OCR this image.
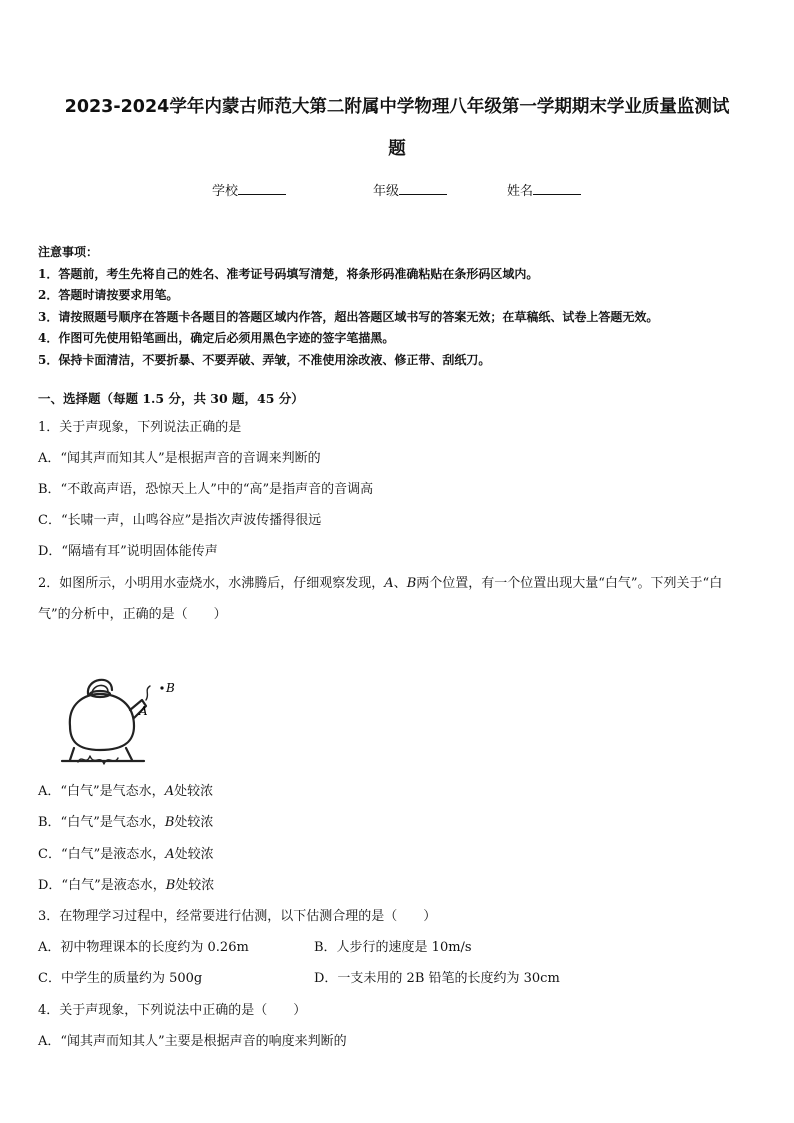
2023-2024学年内蒙古师范大第二附属中学物理八年级第一学期期末学业质量监测试
题
学校	年级	姓名
注意事项：
1．答题前，考生先将自己的姓名、准考证号码填写清楚，将条形码准确粘贴在条形码区域内。
2．答题时请按要求用笔。
3．请按照题号顺序在答题卡各题目的答题区域内作答，超出答题区域书写的答案无效；在草稿纸、试卷上答题无效。
4．作图可先使用铅笔画出，确定后必须用黑色字迹的签字笔描黑。
5．保持卡面清洁，不要折暴、不要弄破、弄皱，不准使用涂改液、修正带、刮纸刀。
一、选择题（每题 1.5 分，共 30 题，45 分）
1．关于声现象，下列说法正确的是
A．“闻其声而知其人”是根据声音的音调来判断的
B．“不敢高声语，恐惊天上人”中的“高”是指声音的音调高
C．“长啸一声，山鸣谷应”是指次声波传播得很远
D．“隔墙有耳”说明固体能传声
2．如图所示，小明用水壶烧水，水沸腾后，仔细观察发现，A、B两个位置，有一个位置出现大量“白气”。下列关于“白
气”的分析中，正确的是（　　）
B
A
A．“白气”是气态水，A处较浓
B．“白气”是气态水，B处较浓
C．“白气”是液态水，A处较浓
D．“白气”是液态水，B处较浓
3．在物理学习过程中，经常要进行估测，以下估测合理的是（　　）
A．初中物理课本的长度约为 0.26m	B．人步行的速度是 10m/s
C．中学生的质量约为 500g	D．一支未用的 2B 铅笔的长度约为 30cm
4．关于声现象，下列说法中正确的是（　　）
A．“闻其声而知其人”主要是根据声音的响度来判断的
